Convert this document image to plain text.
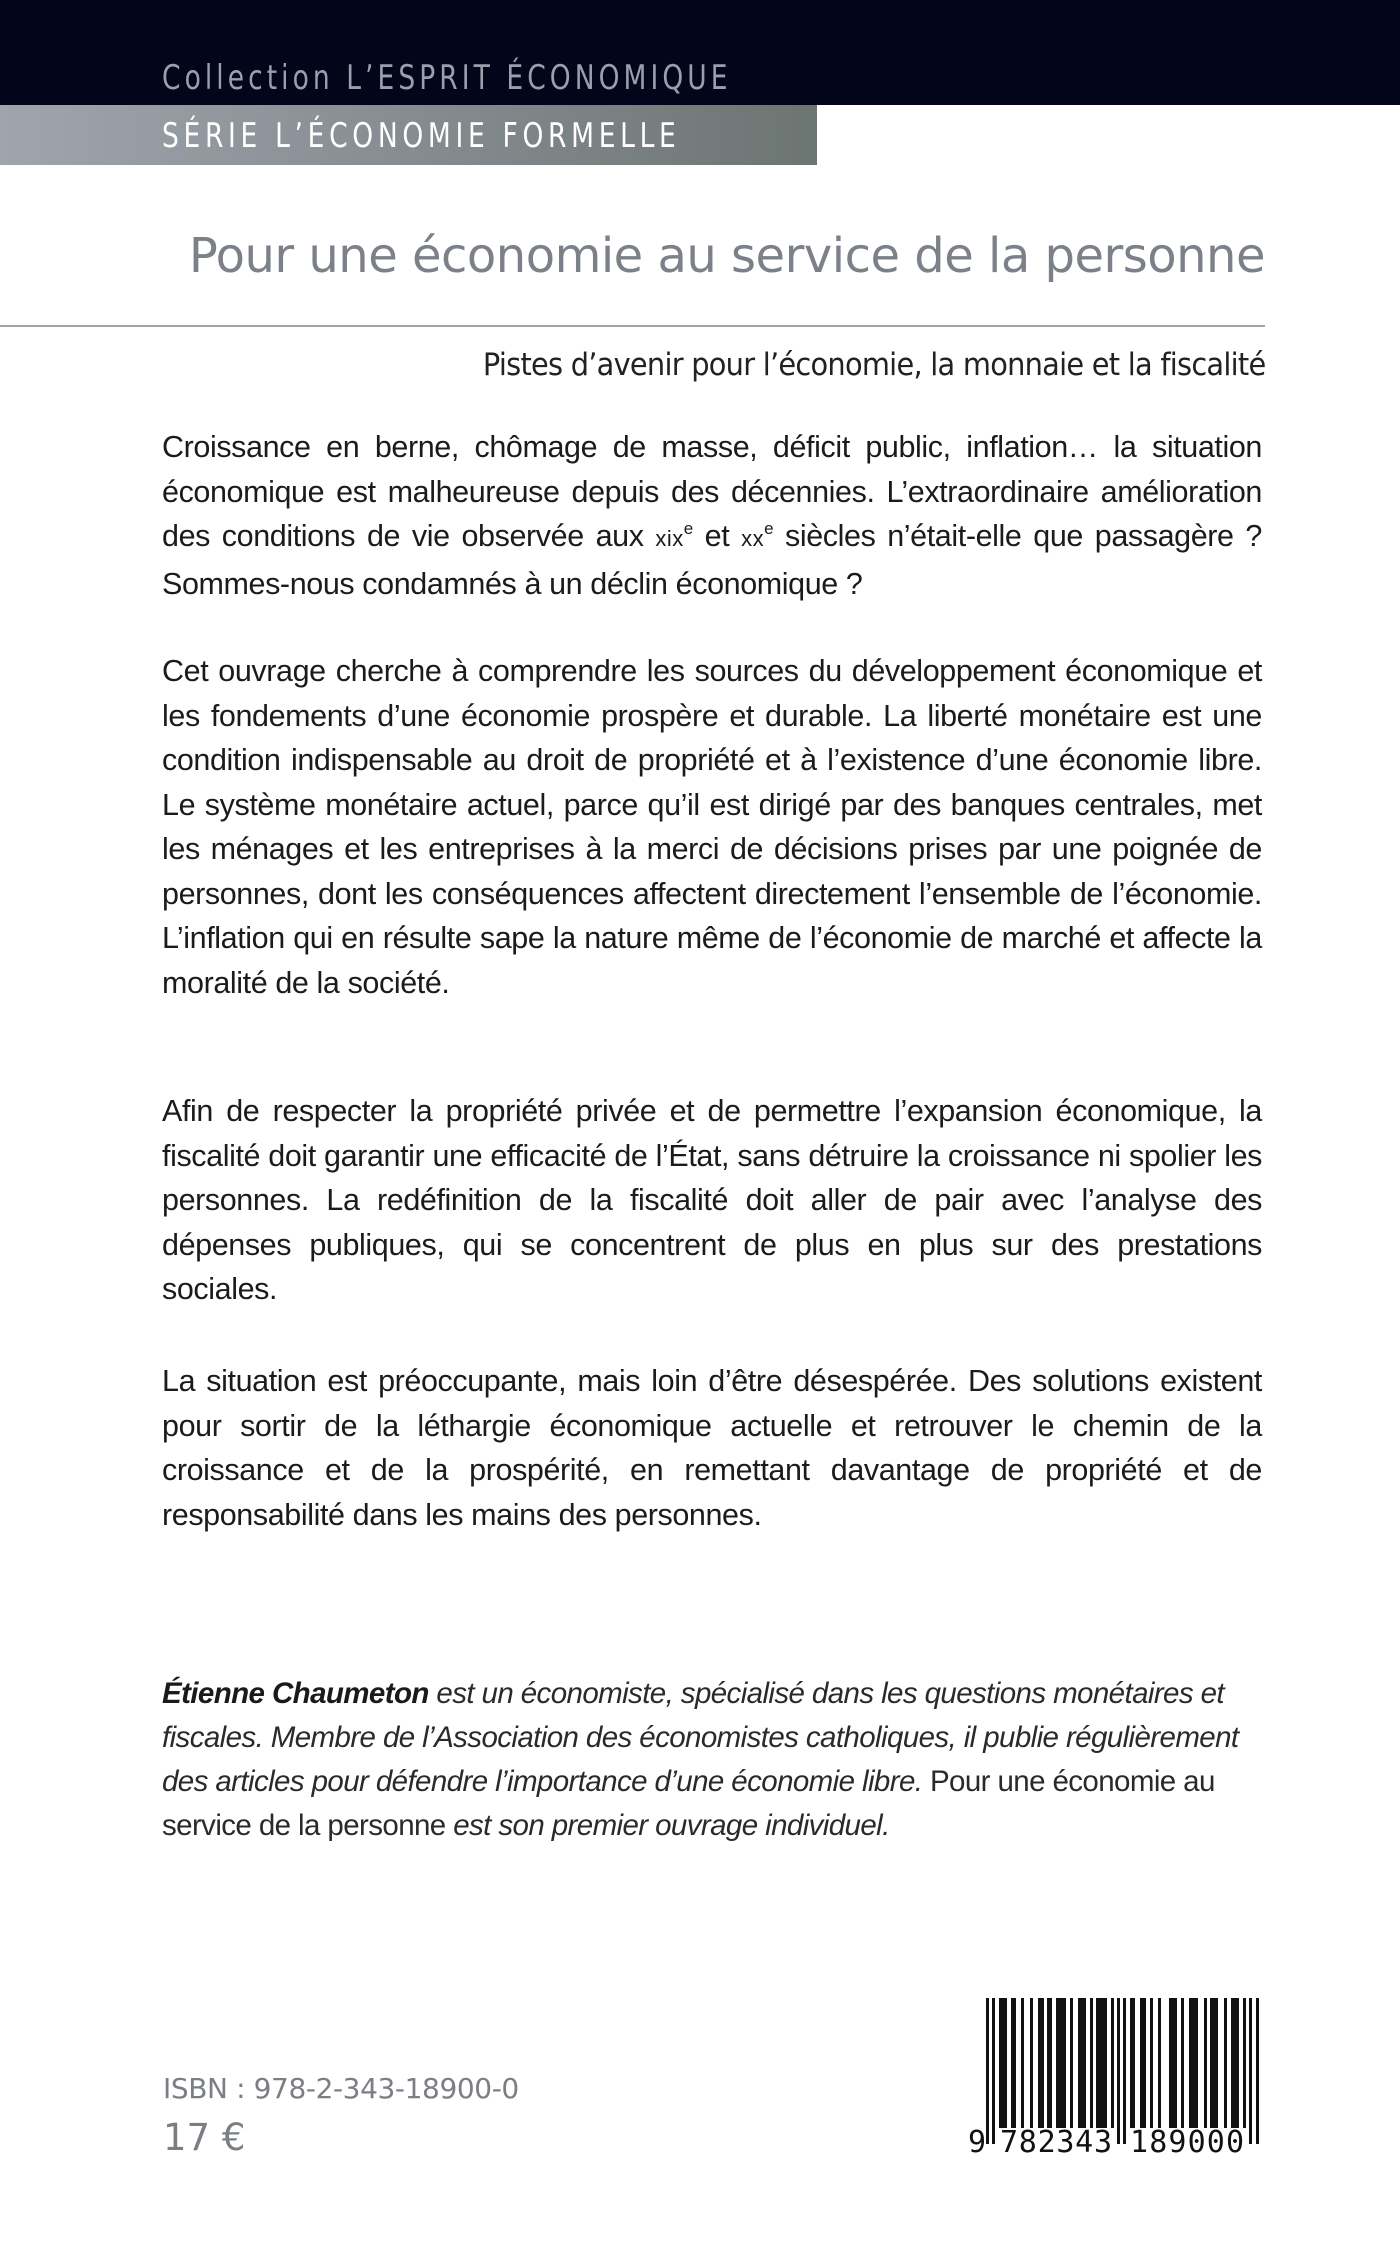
Collection L’ESPRIT ÉCONOMIQUE
SÉRIE L’ÉCONOMIE FORMELLE
Pour une économie au service de la personne
Pistes d’avenir pour l’économie, la monnaie et la fiscalité

Croissance en berne, chômage de masse, déficit public, inflation… la situation économique est malheureuse depuis des décennies. L’extraordinaire amélioration des conditions de vie observée aux xix$^e$ et $xx^e$ siècles n’était-elle que passagère ? Sommes-nous condamnés à un déclin économique ?

Cet ouvrage cherche à comprendre les sources du développement économique et les fondements d’une économie prospère et durable. La liberté monétaire est une condition indispensable au droit de propriété et à l’existence d’une économie libre. Le système monétaire actuel, parce qu’il est dirigé par des banques centrales, met les ménages et les entreprises à la merci de décisions prises par une poignée de personnes, dont les conséquences affectent directement l’ensemble de l’économie. L’inflation qui en résulte sape la nature même de l’économie de marché et affecte la moralité de la société.

Afin de respecter la propriété privée et de permettre l’expansion économique, la fiscalité doit garantir une efficacité de l’État, sans détruire la croissance ni spolier les personnes. La redéfinition de la fiscalité doit aller de pair avec l’analyse des dépenses publiques, qui se concentrent de plus en plus sur des prestations sociales.

La situation est préoccupante, mais loin d’être désespérée. Des solutions existent pour sortir de la léthargie économique actuelle et retrouver le chemin de la croissance et de la prospérité, en remettant davantage de propriété et de responsabilité dans les mains des personnes.

Étienne Chaumeton est un économiste, spécialisé dans les questions monétaires et fiscales. Membre de l’Association des économistes catholiques, il publie régulièrement des articles pour défendre l’importance d’une économie libre. Pour une économie au service de la personne est son premier ouvrage individuel.
ISBN : 978-2-343-18900-0
17 €	9 782343 189000
